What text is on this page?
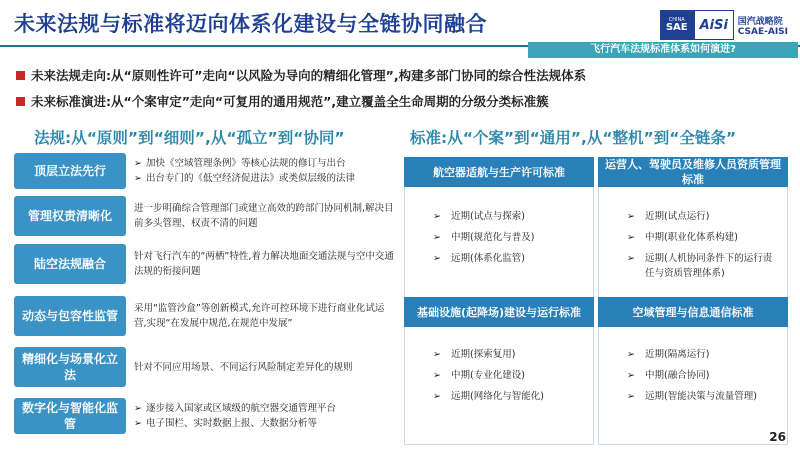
未来法规与标准将迈向体系化建设与全链协同融合	CHINA
SAE AiSi 国汽战略院
CSAE-AISI
飞行汽车法规标准体系如何演进?
未来法规走向:从“原则性许可”走向“以风险为导向的精细化管理”,构建多部门协同的综合性法规体系
未来标准演进:从“个案审定”走向“可复用的通用规范”,建立覆盖全生命周期的分级分类标准簇
法规:从“原则”到“细则”,从“孤立”到“协同”	标准:从“个案”到“通用”,从“整机”到“全链条”
顶层立法先行
➢ 加快《空域管理条例》等核心法规的修订与出台
➢ 出台专门的《低空经济促进法》或类似层级的法律
管理权责清晰化
进一步明确综合管理部门或建立高效的跨部门协同机制,解决目前多头管理、权责不清的问题
陆空法规融合
针对飞行汽车的“两栖”特性,着力解决地面交通法规与空中交通法规的衔接问题
动态与包容性监管
采用“监管沙盒”等创新模式,允许可控环境下进行商业化试运营,实现“在发展中规范,在规范中发展”
精细化与场景化立法
针对不同应用场景、不同运行风险制定差异化的规则
数字化与智能化监管
➢ 逐步接入国家或区域级的航空器交通管理平台
➢ 电子围栏、实时数据上报、大数据分析等
航空器适航与生产许可标准
➢ 近期(试点与探索)
➢ 中期(规范化与普及)
➢ 远期(体系化监管)
运营人、驾驶员及维修人员资质管理标准
➢ 近期(试点运行)
➢ 中期(职业化体系构建)
➢ 远期(人机协同条件下的运行责任与资质管理体系)
基础设施(起降场)建设与运行标准
➢ 近期(探索复用)
➢ 中期(专业化建设)
➢ 远期(网络化与智能化)
空域管理与信息通信标准
➢ 近期(隔离运行)
➢ 中期(融合协同)
➢ 远期(智能决策与流量管理)
26
